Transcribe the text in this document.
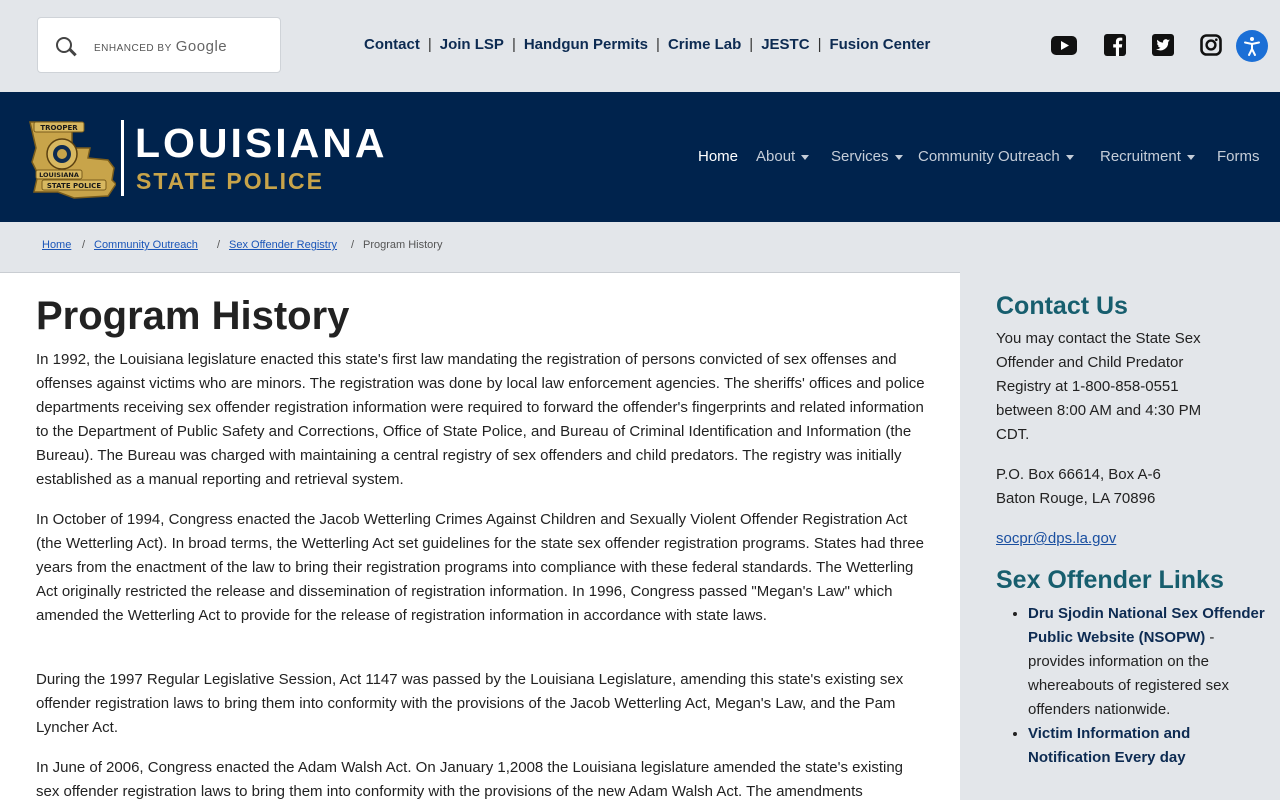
ENHANCED BY Google	Contact | Join LSP | Handgun Permits | Crime Lab | JESTC | Fusion Center
TROOPER
LOUISIANA
STATE POLICE
LOUISIANA
STATE POLICE
Home About	Services	Community Outreach	Recruitment	Forms
Home / Community Outreach / Sex Offender Registry / Program History
Program History

In 1992, the Louisiana legislature enacted this state's first law mandating the registration of persons convicted of sex offenses and offenses against victims who are minors. The registration was done by local law enforcement agencies. The sheriffs' offices and police departments receiving sex offender registration information were required to forward the offender's fingerprints and related information to the Department of Public Safety and Corrections, Office of State Police, and Bureau of Criminal Identification and Information (the Bureau). The Bureau was charged with maintaining a central registry of sex offenders and child predators. The registry was initially established as a manual reporting and retrieval system.

In October of 1994, Congress enacted the Jacob Wetterling Crimes Against Children and Sexually Violent Offender Registration Act (the Wetterling Act). In broad terms, the Wetterling Act set guidelines for the state sex offender registration programs. States had three years from the enactment of the law to bring their registration programs into compliance with these federal standards. The Wetterling Act originally restricted the release and dissemination of registration information. In 1996, Congress passed "Megan's Law" which amended the Wetterling Act to provide for the release of registration information in accordance with state laws.

During the 1997 Regular Legislative Session, Act 1147 was passed by the Louisiana Legislature, amending this state's existing sex offender registration laws to bring them into conformity with the provisions of the Jacob Wetterling Act, Megan's Law, and the Pam Lyncher Act.

In June of 2006, Congress enacted the Adam Walsh Act. On January 1,2008 the Louisiana legislature amended the state's existing sex offender registration laws to bring them into conformity with the provisions of the new Adam Walsh Act. The amendments

Contact Us

You may contact the State Sex Offender and Child Predator Registry at 1-800-858-0551 between 8:00 AM and 4:30 PM CDT.

P.O. Box 66614, Box A-6
Baton Rouge, LA 70896

socpr@dps.la.gov

Sex Offender Links
• Dru Sjodin National Sex Offender Public Website (NSOPW) - provides information on the whereabouts of registered sex offenders nationwide.
• Victim Information and Notification Every day
